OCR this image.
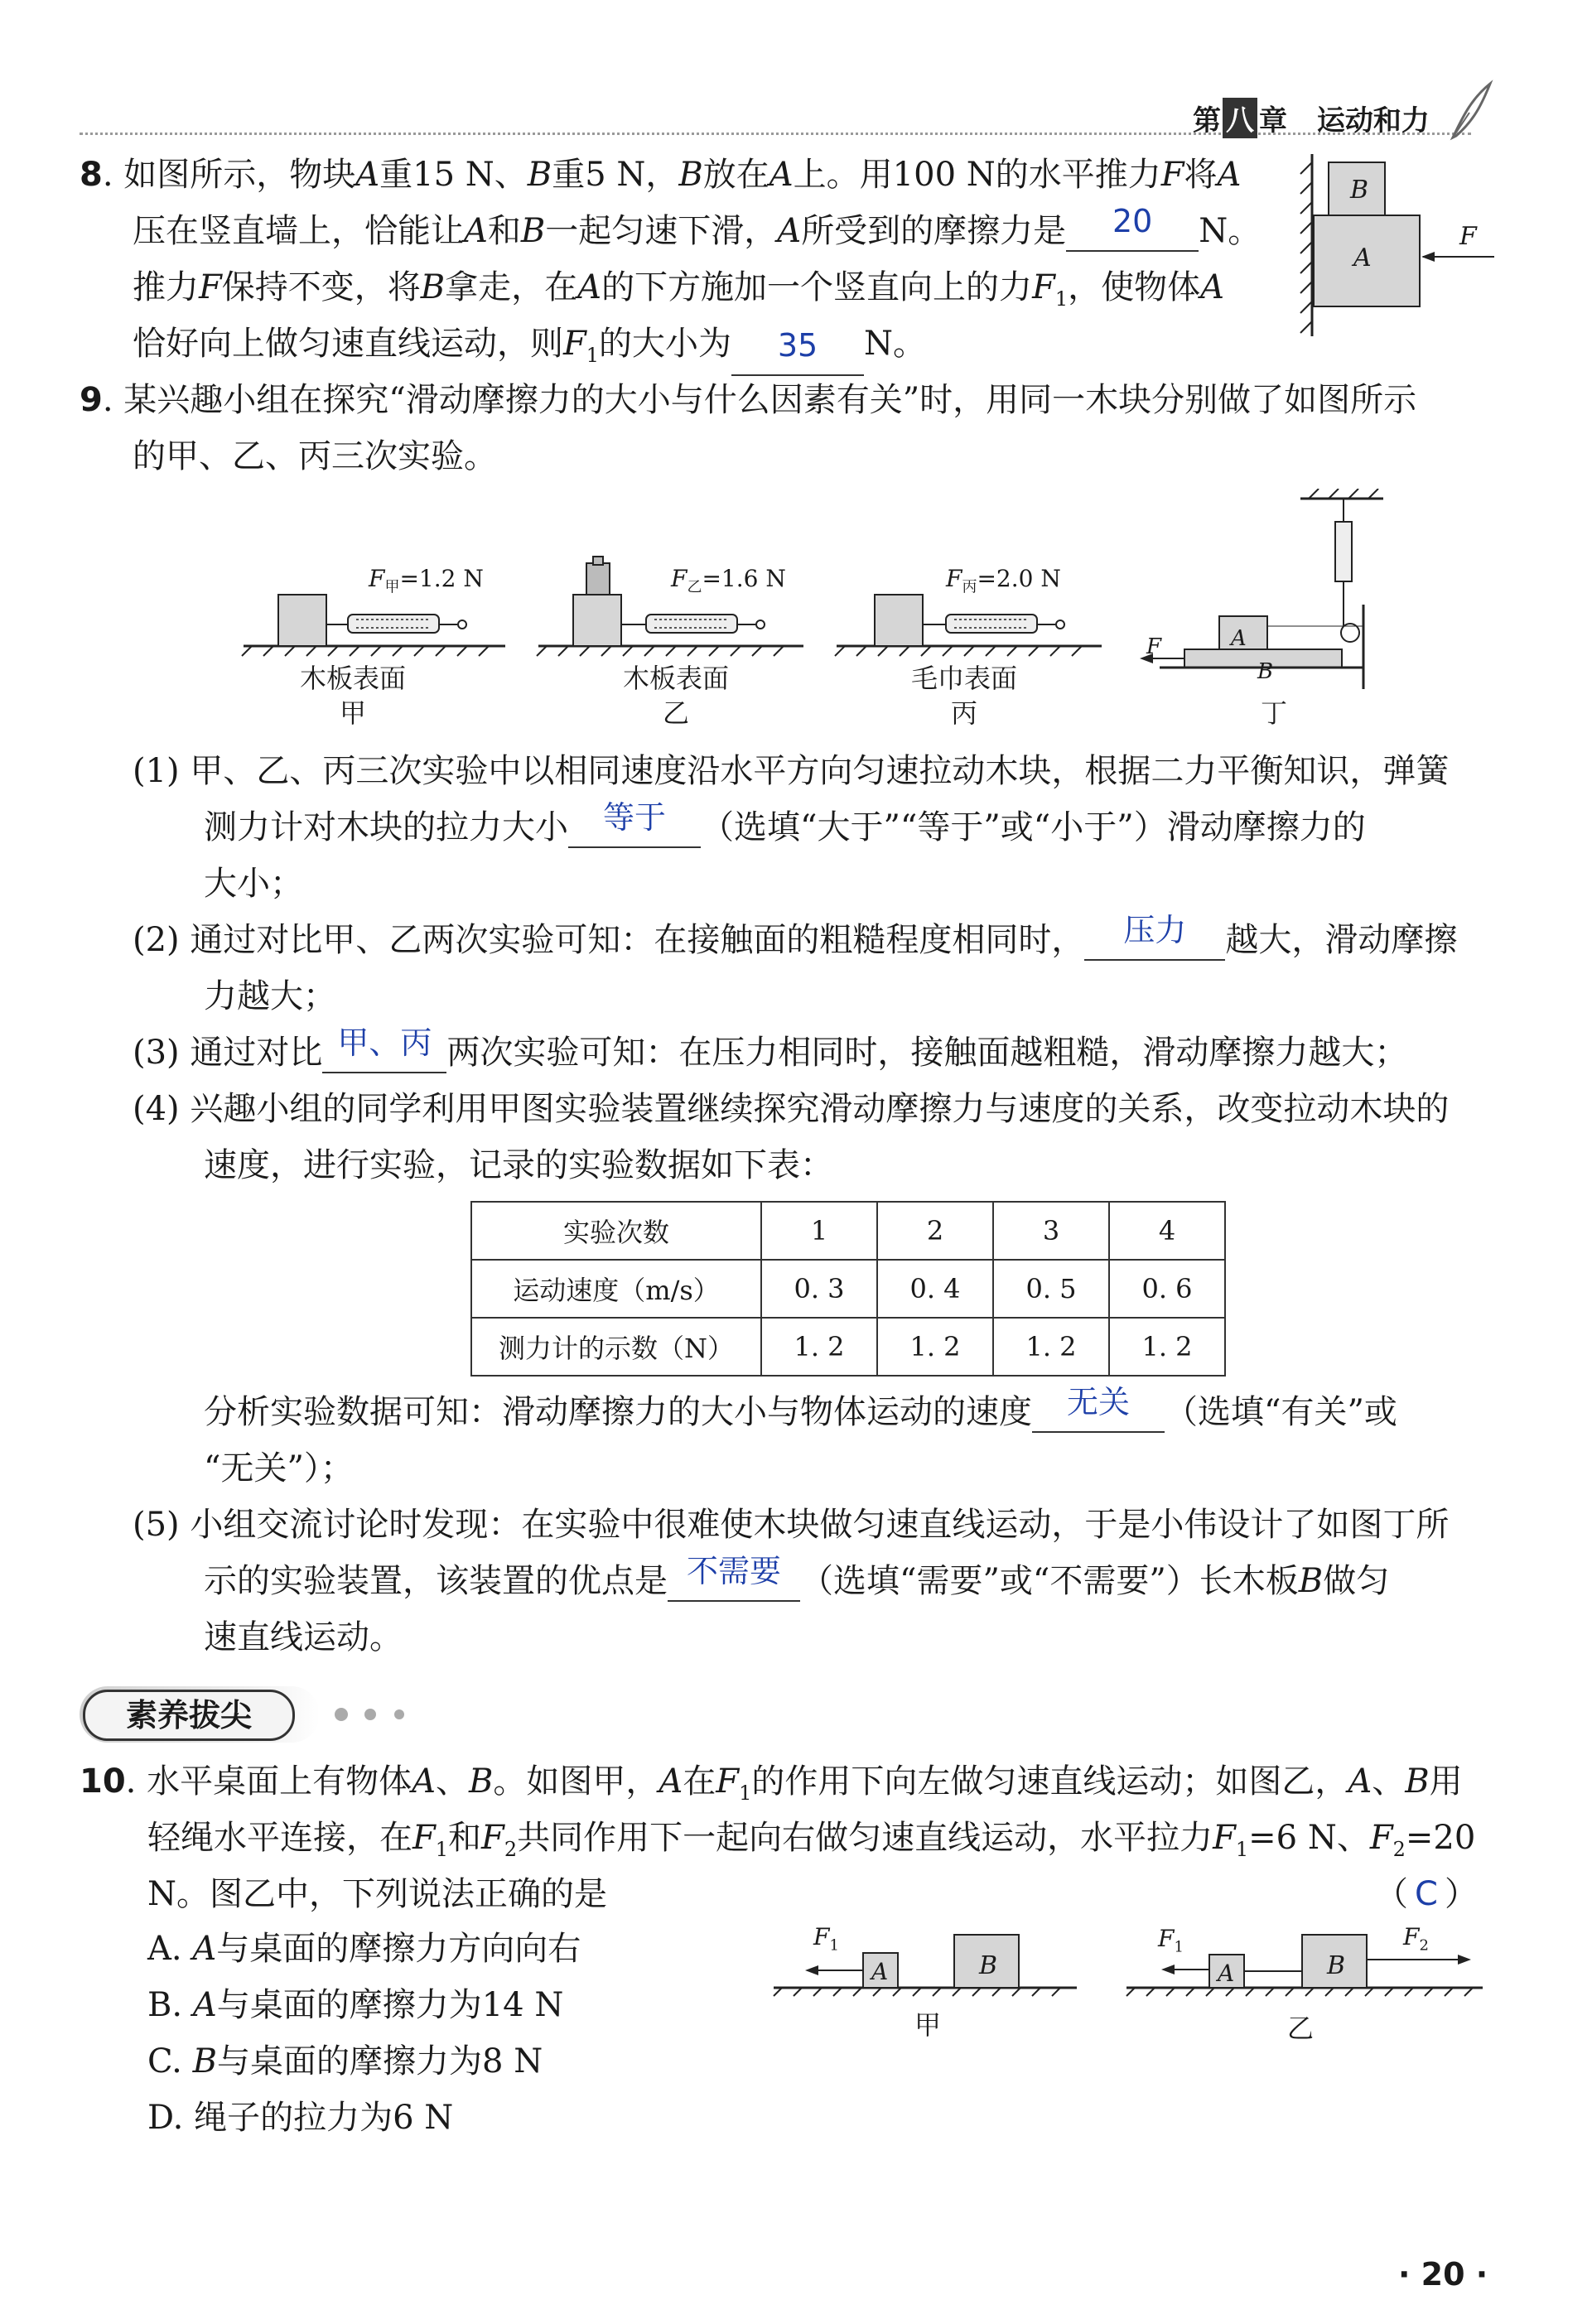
第 八 章 运动和力
8. 如图所示，物块A重15 N、B重5 N，B放在A上。用100 N的水平推力F将A
压在竖直墙上，恰能让A和B一起匀速下滑，A所受到的摩擦力是	20	N。
推力F保持不变，将B拿走，在A的下方施加一个竖直向上的力$F_1$，使物体A
恰好向上做匀速直线运动，则$F_1$的大小为	35	N。
B
A
F
9. 某兴趣小组在探究“滑动摩擦力的大小与什么因素有关”时，用同一木块分别做了如图所示
的甲、乙、丙三次实验。
$F_甲=1.2$ N
木板表面
甲
$F_乙=1.6$ N
木板表面
乙
$F_丙=2.0$ N
毛巾表面
丙
A
B
F
丁
(1) 甲、乙、丙三次实验中以相同速度沿水平方向匀速拉动木块，根据二力平衡知识，弹簧
测力计对木块的拉力大小	等于	（选填“大于”“等于”或“小于”）滑动摩擦力的
大小；
(2) 通过对比甲、乙两次实验可知：在接触面的粗糙程度相同时，	压力	越大，滑动摩擦
力越大；
(3) 通过对比 甲、丙 两次实验可知：在压力相同时，接触面越粗糙，滑动摩擦力越大；
(4) 兴趣小组的同学利用甲图实验装置继续探究滑动摩擦力与速度的关系，改变拉动木块的
速度，进行实验，记录的实验数据如下表：
实验次数	1	2	3	4
运动速度（m/s）	0. 3	0. 4	0. 5	0. 6
测力计的示数（N）	1. 2	1. 2	1. 2	1. 2
分析实验数据可知：滑动摩擦力的大小与物体运动的速度	无关	（选填“有关”或
“无关”）；
(5) 小组交流讨论时发现：在实验中很难使木块做匀速直线运动，于是小伟设计了如图丁所
示的实验装置，该装置的优点是 不需要 （选填“需要”或“不需要”）长木板B做匀
速直线运动。
素养拔尖
10. 水平桌面上有物体A、B。如图甲，A在$F_1$的作用下向左做匀速直线运动；如图乙，A、B用
轻绳水平连接，在$F_1$和$F_2$共同作用下一起向右做匀速直线运动，水平拉力$F_1=6$ N、$F_2=20$
N。图乙中，下列说法正确的是	（ C ）
A. A与桌面的摩擦力方向向右
B. A与桌面的摩擦力为14 N
C. B与桌面的摩擦力为8 N
D. 绳子的拉力为6 N
$F_1$
A	B
甲
$F_1$
A	B
$F_2$
乙
· 20 ·
